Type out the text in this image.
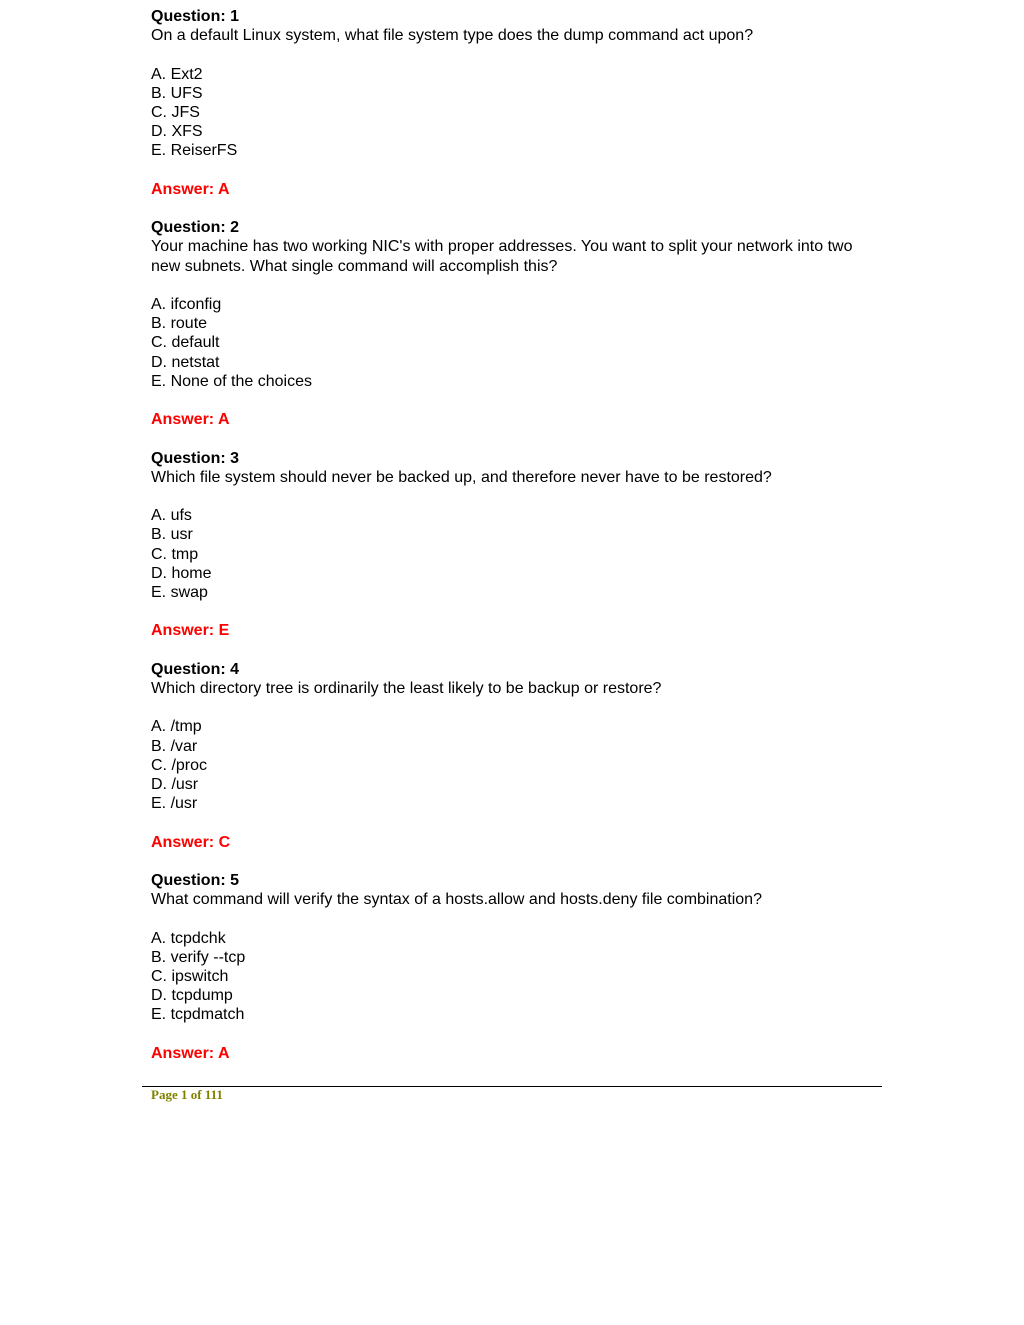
Question: 1
On a default Linux system, what file system type does the dump command act upon?
A. Ext2
B. UFS
C. JFS
D. XFS
E. ReiserFS
Answer: A
Question: 2
Your machine has two working NIC's with proper addresses. You want to split your network into two new subnets. What single command will accomplish this?
A. ifconfig
B. route
C. default
D. netstat
E. None of the choices
Answer: A
Question: 3
Which file system should never be backed up, and therefore never have to be restored?
A. ufs
B. usr
C. tmp
D. home
E. swap
Answer: E
Question: 4
Which directory tree is ordinarily the least likely to be backup or restore?
A. /tmp
B. /var
C. /proc
D. /usr
E. /usr
Answer: C
Question: 5
What command will verify the syntax of a hosts.allow and hosts.deny file combination?
A. tcpdchk
B. verify --tcp
C. ipswitch
D. tcpdump
E. tcpdmatch
Answer: A
Page 1 of 111
